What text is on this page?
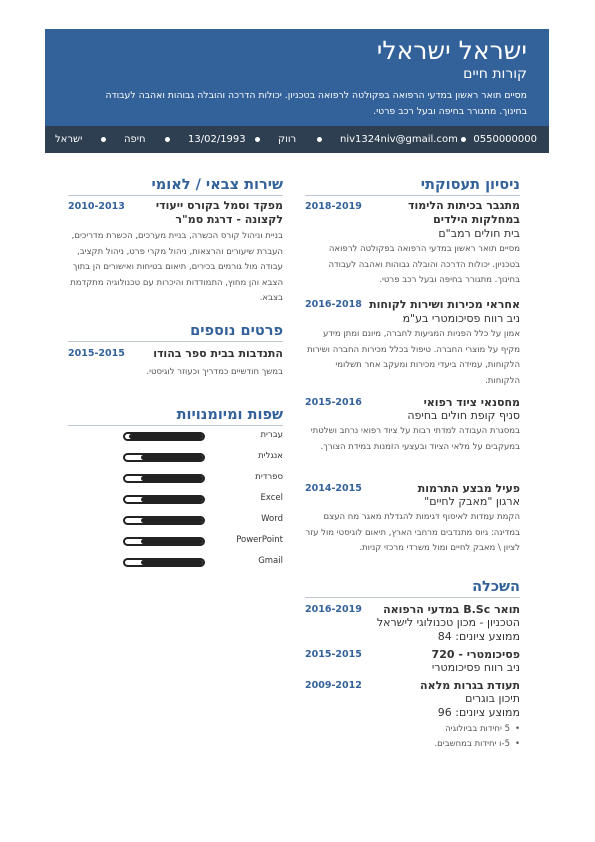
ישראל ישראלי
קורות חיים
מסיים תואר ראשון במדעי הרפואה בפקולטה לרפואה בטכניון. יכולות הדרכה והובלה גבוהות ואהבה לעבודה בחינוך. מתגורר בחיפה ובעל רכב פרטי.
0550000000
niv1324niv@gmail.com
רווק
13/02/1993
חיפה
ישראל
ניסיון תעסוקתי
מתגבר בכיתות הלימוד במחלקות הילדים
2018-2019
בית חולים רמב"ם
מסיים תואר ראשון במדעי הרפואה בפקולטה לרפואה בטכניון. יכולות הדרכה והובלה גבוהות ואהבה לעבודה בחינוך. מתגורר בחיפה ובעל רכב פרטי.
אחראי מכירות ושירות לקוחות
2016-2018
ניב רווח פסיכומטרי בע"מ
אמון על כלל הפניות המגיעות לחברה, מיונם ומתן מידע מקיף על מוצרי החברה. טיפול בכלל מכירות החברה ושירות הלקוחות, עמידה ביעדי מכירות ומעקב אחר תשלומי הלקוחות.
מחסנאי ציוד רפואי
2015-2016
סניף קופת חולים בחיפה
במסגרת העבודה למדתי רבות על ציוד רפואי נרחב ושלטתי במעקבים על מלאי הציוד ובעצעי הזמנות במידת הצורך.
פעיל מבצע התרמות
2014-2015
ארגון "מאבק לחיים"
הקמת עמדות לאיסוף דגימות להגדלת מאגר מח העצם במדינה: גיוס מתנדבים מרחבי הארץ, תיאום לוגיסטי מול עזר לציון \ מאבק לחיים ומול משרדי מרכזי קניות.
השכלה
תואר B.Sc במדעי הרפואה
2016-2019
הטכניון - מכון טכנולוגי לישראל
ממוצע ציונים: 84
פסיכומטרי - 720
2015-2015
ניב רווח פסיכומטרי
תעודת בגרות מלאה
2009-2012
תיכון בוגרים
ממוצע ציונים: 96
• 5 יחידות בביולוגיה
• 5-ו יחידות במחשבים.
שירות צבאי / לאומי
מפקד וסמל בקורס ייעודי לקצונה - דרגת סמ"ר
2010-2013
בניית וניהול קורס הכשרה, בניית מערכים, הכשרת מדריכים, העברת שיעורים והרצאות, ניהול מקרי פרט, ניהול תקציב, עבודה מול גורמים בכירים, תיאום בטיחות ואישורים הן בתוך הצבא והן מחוץ, התמודדות והיכרות עם טכנולוגיה מתקדמת בצבא.
פרטים נוספים
התנדבות בבית ספר בהודו
2015-2015
במשך חודשיים כמדריך וכעוזר לוגיסטי.
שפות ומיומנויות
עברית
אנגלית
ספרדית
Excel
Word
PowerPoint
Gmail
